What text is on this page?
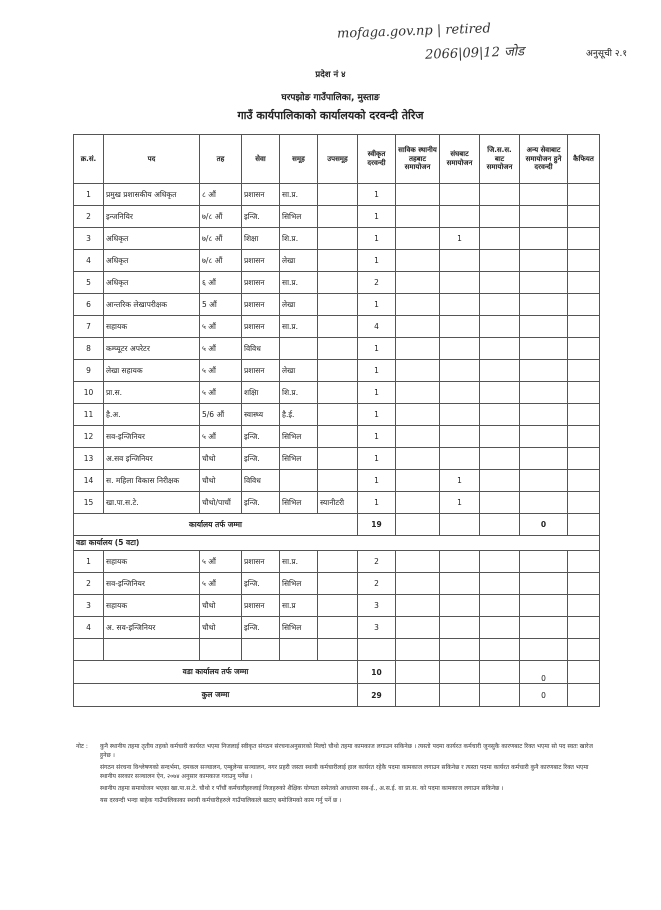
mofaga.gov.np | retired
2066|09|12 जोड	अनुसूची २.१
प्रदेश नं ४
घरपझोङ गाउँपालिका, मुस्ताङ
गाउँ कार्यपालिकाको कार्यालयको दरवन्दी तेरिज
क्र.सं.	पद	तह	सेवा	समूह	उपसमूह	स्वीकृत दरवन्दी	साविक स्थानीय तहबाट समायोजन	संघबाट समायोजन	जि.स.स. बाट समायोजन	अन्य सेवाबाट समायोजन हुने दरवन्दी	कैफियत
1	प्रमुख प्रशासकीय अधिकृत	८ औं	प्रशासन	सा.प्र.		1					
2	इन्जनियिर	७/८ औं	इन्जि.	सिभिल		1					
3	अधिकृत	७/८ औं	शिक्षा	शि.प्र.		1		1			
4	अधिकृत	७/८ औं	प्रशासन	लेखा		1					
5	अधिकृत	६ औं	प्रशासन	सा.प्र.		2					
6	आन्तरिक लेखापरीक्षक	5 औं	प्रशासन	लेखा		1					
7	सहायक	५ औं	प्रशासन	सा.प्र.		4					
8	कम्प्यूटर अपरेटर	५ औं	विविध			1					
9	लेखा सहायक	५ औं	प्रशासन	लेखा		1					
10	प्रा.स.	५ औं	शक्षिा	शि.प्र.		1					
11	है.अ.	5/6 औं	स्वास्थ्य	है.ई.		1					
12	सव-इन्जिनियर	५ औं	इन्जि.	सिभिल		1					
13	अ.सव इन्जिनियर	चौथो	इन्जि.	सिभिल		1					
14	स. महिला विकास निरीक्षक	चौथो	विविध			1		1			
15	खा.पा.स.टे.	चौथो/पाचौं	इन्जि.	सिभिल	स्यानीटरी	1		1			
कार्यालय तर्फ जम्मा						19				0	
वडा कार्यालय (5 वटा)											
1	सहायक	५ औं	प्रशासन	सा.प्र.		2					
2	सव-इन्जिनियर	५ औं	इन्जि.	सिभिल		2					
3	सहायक	चौथो	प्रशासन	सा.प्र		3					
4	अ. सव-इन्जिनियर	चौथो	इन्जि.	सिभिल		3					

वडा कार्यालय तर्फ जम्मा						10				0	
कुल जम्मा						29				0	
नोट : कुनै स्थानीय तहमा तृतीय तहको कर्मचारी कार्यरत भएमा निजलाई स्वीकृत संगठन संरचनाअनुसारको मिल्दो चौथो तहमा कामकाज लगाउन सकिनेछ । त्यस्तो पदमा कार्यरत कर्मचारी जुनसुकै कारणबाट रिक्त भएमा सो पद स्वतः खारेज हुनेछ ।

संगठन संरचना विश्लेषणको सन्दर्भमा, दमकल सञ्चालन, एम्बुलेन्स सञ्चालन, नगर प्रहरी जस्ता स्थायी कर्मचारीलाई हाल कार्यरत रहेकै पदमा कामकाज लगाउन सकिनेछ र त्यस्ता पदमा कार्यरत कर्मचारी कुनै कारणबाट रिक्त भएमा स्थानीय सरकार सञ्चालन ऐन, २०७४ अनुसार कामकाज गराउनु पर्नेछ ।

स्थानीय तहमा समायोजन भएका खा.पा.स.टे. चौथो र पाँचौं कर्मचारीहरुलाई निजहरुको शैक्षिक योग्यता समेतको आधारमा सब-ई., अ.स.ई. वा प्रा.स. को पदमा कामकाज लगाउन सकिनेछ ।

यस दरवन्दी भन्दा बाहेक गाउँपालिकाका स्थायी कर्मचारीहरुले गाउँपालिकाले खटाए बमोजिमको काम गर्नु पर्ने छ ।
